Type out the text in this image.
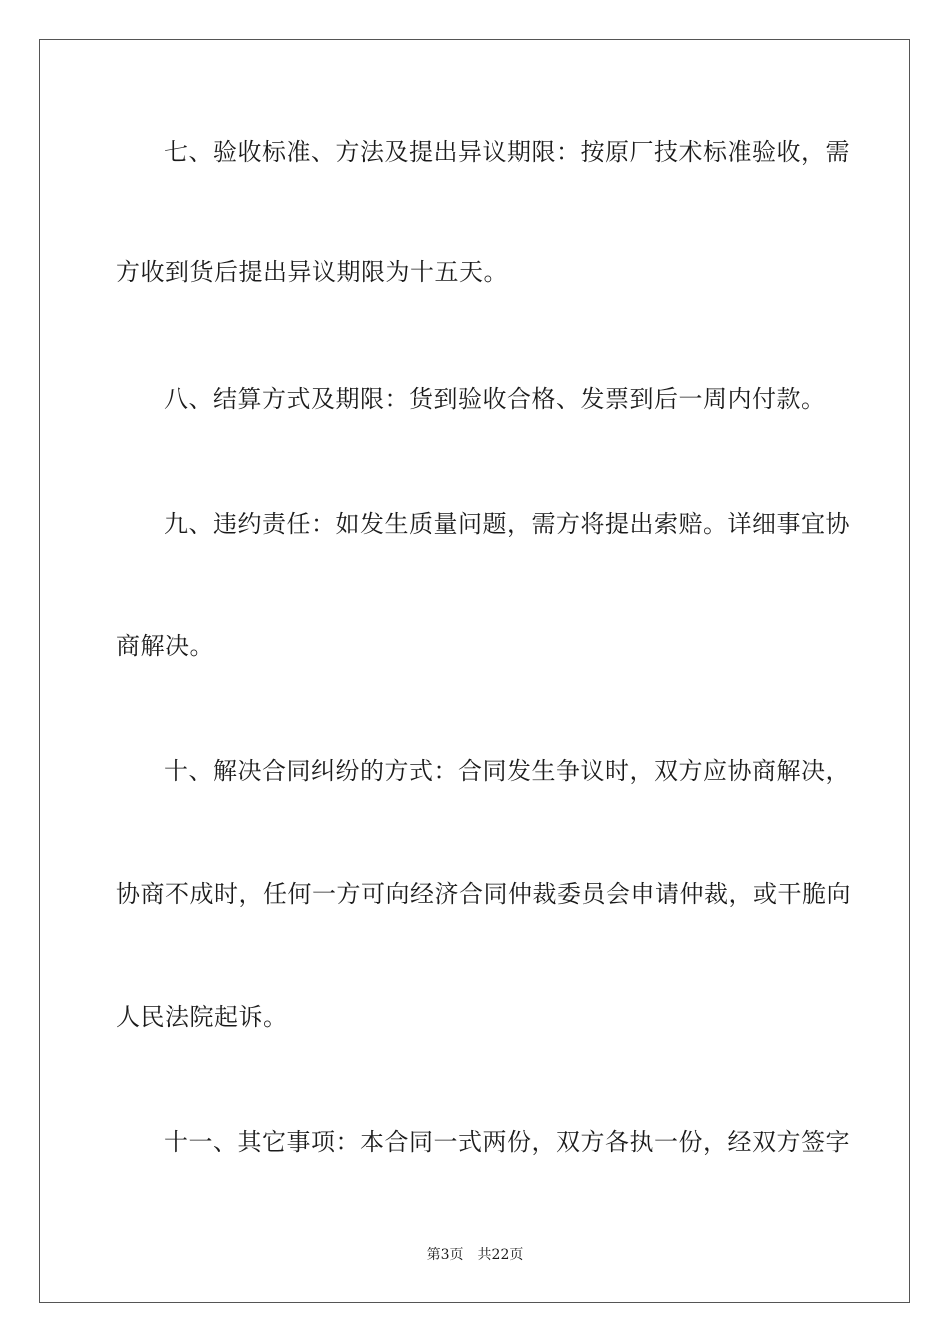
七、验收标准、方法及提出异议期限：按原厂技术标准验收，需
方收到货后提出异议期限为十五天。
八、结算方式及期限：货到验收合格、发票到后一周内付款。
九、违约责任：如发生质量问题，需方将提出索赔。详细事宜协
商解决。
十、解决合同纠纷的方式：合同发生争议时，双方应协商解决，
协商不成时，任何一方可向经济合同仲裁委员会申请仲裁，或干脆向
人民法院起诉。
十一、其它事项：本合同一式两份，双方各执一份，经双方签字
第3页 共22页
